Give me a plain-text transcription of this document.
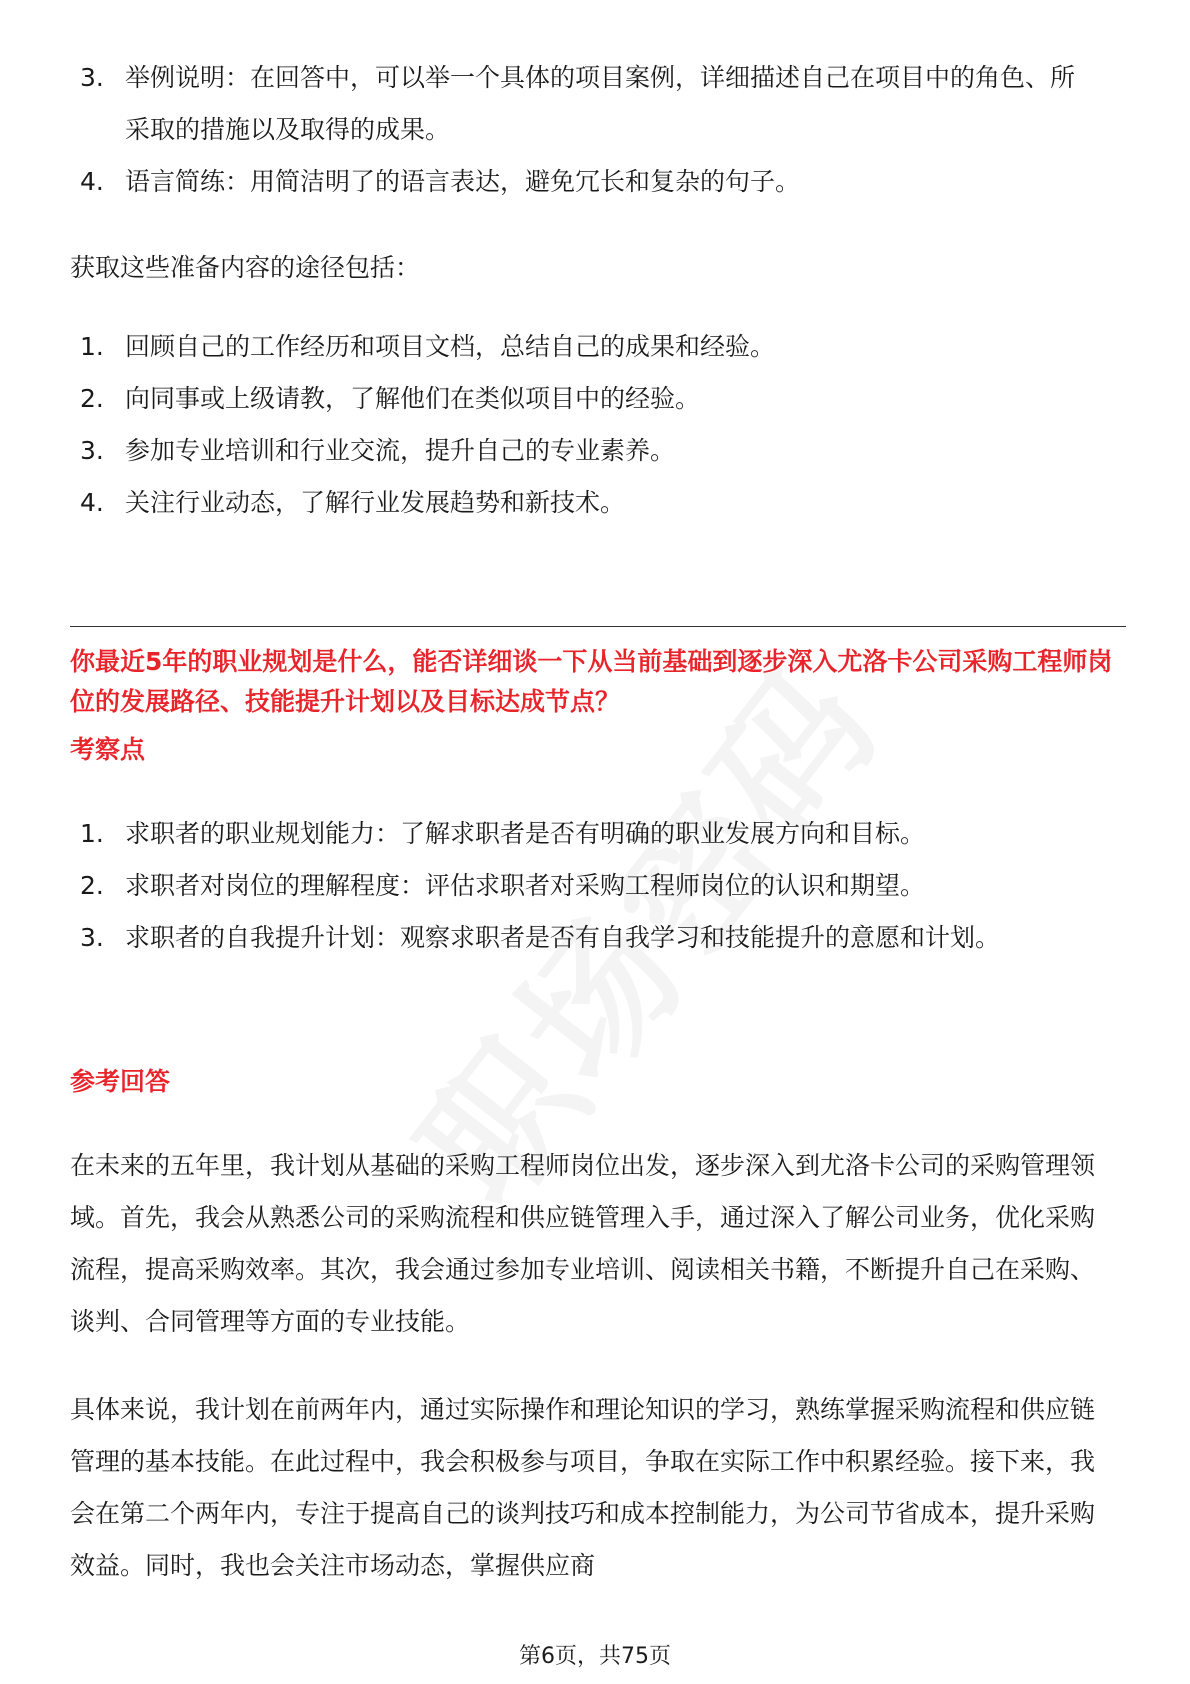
3. 举例说明：在回答中，可以举一个具体的项目案例，详细描述自己在项目中的角色、所采取的措施以及取得的成果。
4. 语言简练：用简洁明了的语言表达，避免冗长和复杂的句子。

获取这些准备内容的途径包括：

1. 回顾自己的工作经历和项目文档，总结自己的成果和经验。
2. 向同事或上级请教，了解他们在类似项目中的经验。
3. 参加专业培训和行业交流，提升自己的专业素养。
4. 关注行业动态，了解行业发展趋势和新技术。

你最近5年的职业规划是什么，能否详细谈一下从当前基础到逐步深入尤洛卡公司采购工程师岗位的发展路径、技能提升计划以及目标达成节点？

考察点

1. 求职者的职业规划能力：了解求职者是否有明确的职业发展方向和目标。
2. 求职者对岗位的理解程度：评估求职者对采购工程师岗位的认识和期望。
3. 求职者的自我提升计划：观察求职者是否有自我学习和技能提升的意愿和计划。

参考回答

在未来的五年里，我计划从基础的采购工程师岗位出发，逐步深入到尤洛卡公司的采购管理领域。首先，我会从熟悉公司的采购流程和供应链管理入手，通过深入了解公司业务，优化采购流程，提高采购效率。其次，我会通过参加专业培训、阅读相关书籍，不断提升自己在采购、谈判、合同管理等方面的专业技能。

具体来说，我计划在前两年内，通过实际操作和理论知识的学习，熟练掌握采购流程和供应链管理的基本技能。在此过程中，我会积极参与项目，争取在实际工作中积累经验。接下来，我会在第二个两年内，专注于提高自己的谈判技巧和成本控制能力，为公司节省成本，提升采购效益。同时，我也会关注市场动态，掌握供应商

第6页，共75页
